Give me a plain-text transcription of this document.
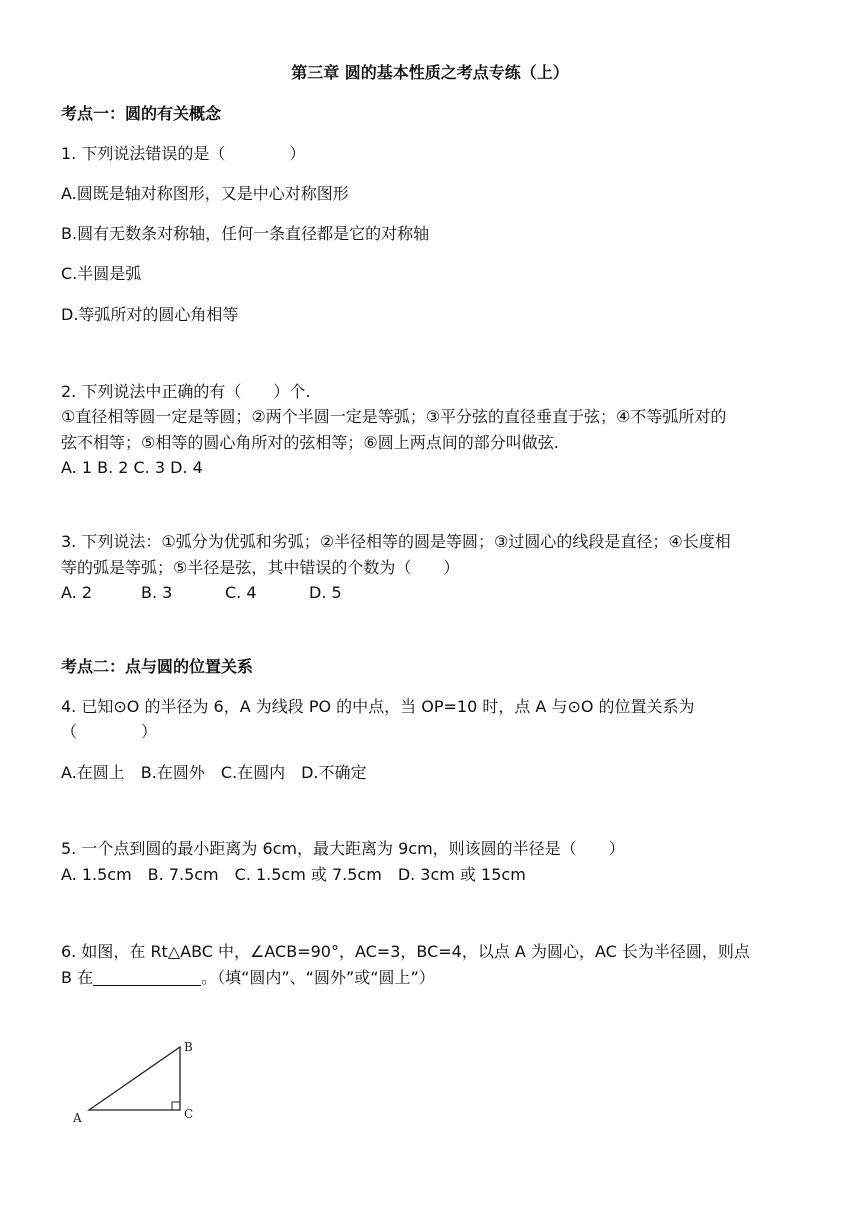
第三章 圆的基本性质之考点专练（上）
考点一：圆的有关概念
1. 下列说法错误的是（　　　　）
A.圆既是轴对称图形，又是中心对称图形
B.圆有无数条对称轴，任何一条直径都是它的对称轴
C.半圆是弧
D.等弧所对的圆心角相等
2. 下列说法中正确的有（　　）个.
①直径相等圆一定是等圆；②两个半圆一定是等弧；③平分弦的直径垂直于弦；④不等弧所对的
弦不相等；⑤相等的圆心角所对的弦相等；⑥圆上两点间的部分叫做弦.
A. 1 B. 2 C. 3 D. 4
3. 下列说法：①弧分为优弧和劣弧；②半径相等的圆是等圆；③过圆心的线段是直径；④长度相
等的弧是等弧；⑤半径是弦，其中错误的个数为（　　）
A. 2	B. 3	C. 4	D. 5
考点二：点与圆的位置关系
4. 已知⊙O 的半径为 6，A 为线段 PO 的中点，当 OP=10 时，点 A 与⊙O 的位置关系为
（　　　　）
A.在圆上　B.在圆外　C.在圆内　D.不确定
5. 一个点到圆的最小距离为 6cm，最大距离为 9cm，则该圆的半径是（　　）
A. 1.5cm　B. 7.5cm　C. 1.5cm 或 7.5cm　D. 3cm 或 15cm
6. 如图，在 Rt△ABC 中，∠ACB=90°，AC=3，BC=4，以点 A 为圆心，AC 长为半径圆，则点
B 在	。（填“圆内”、“圆外”或“圆上”）
A
B
C
